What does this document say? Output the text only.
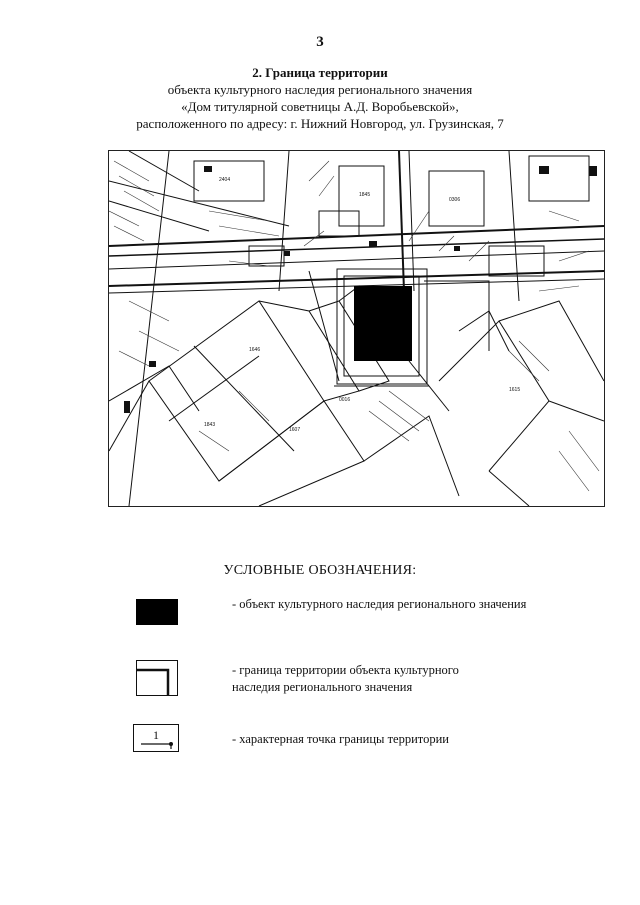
3
2. Граница территории
объекта культурного наследия регионального значения
«Дом титулярной советницы А.Д. Воробьевской»,
расположенного по адресу: г. Нижний Новгород, ул. Грузинская, 7
2404
1845
0306
1646
1607
1615
1843
0016
УСЛОВНЫЕ ОБОЗНАЧЕНИЯ:
- объект культурного наследия регионального значения
- граница территории объекта культурного наследия регионального значения
1	- характерная точка границы территории
